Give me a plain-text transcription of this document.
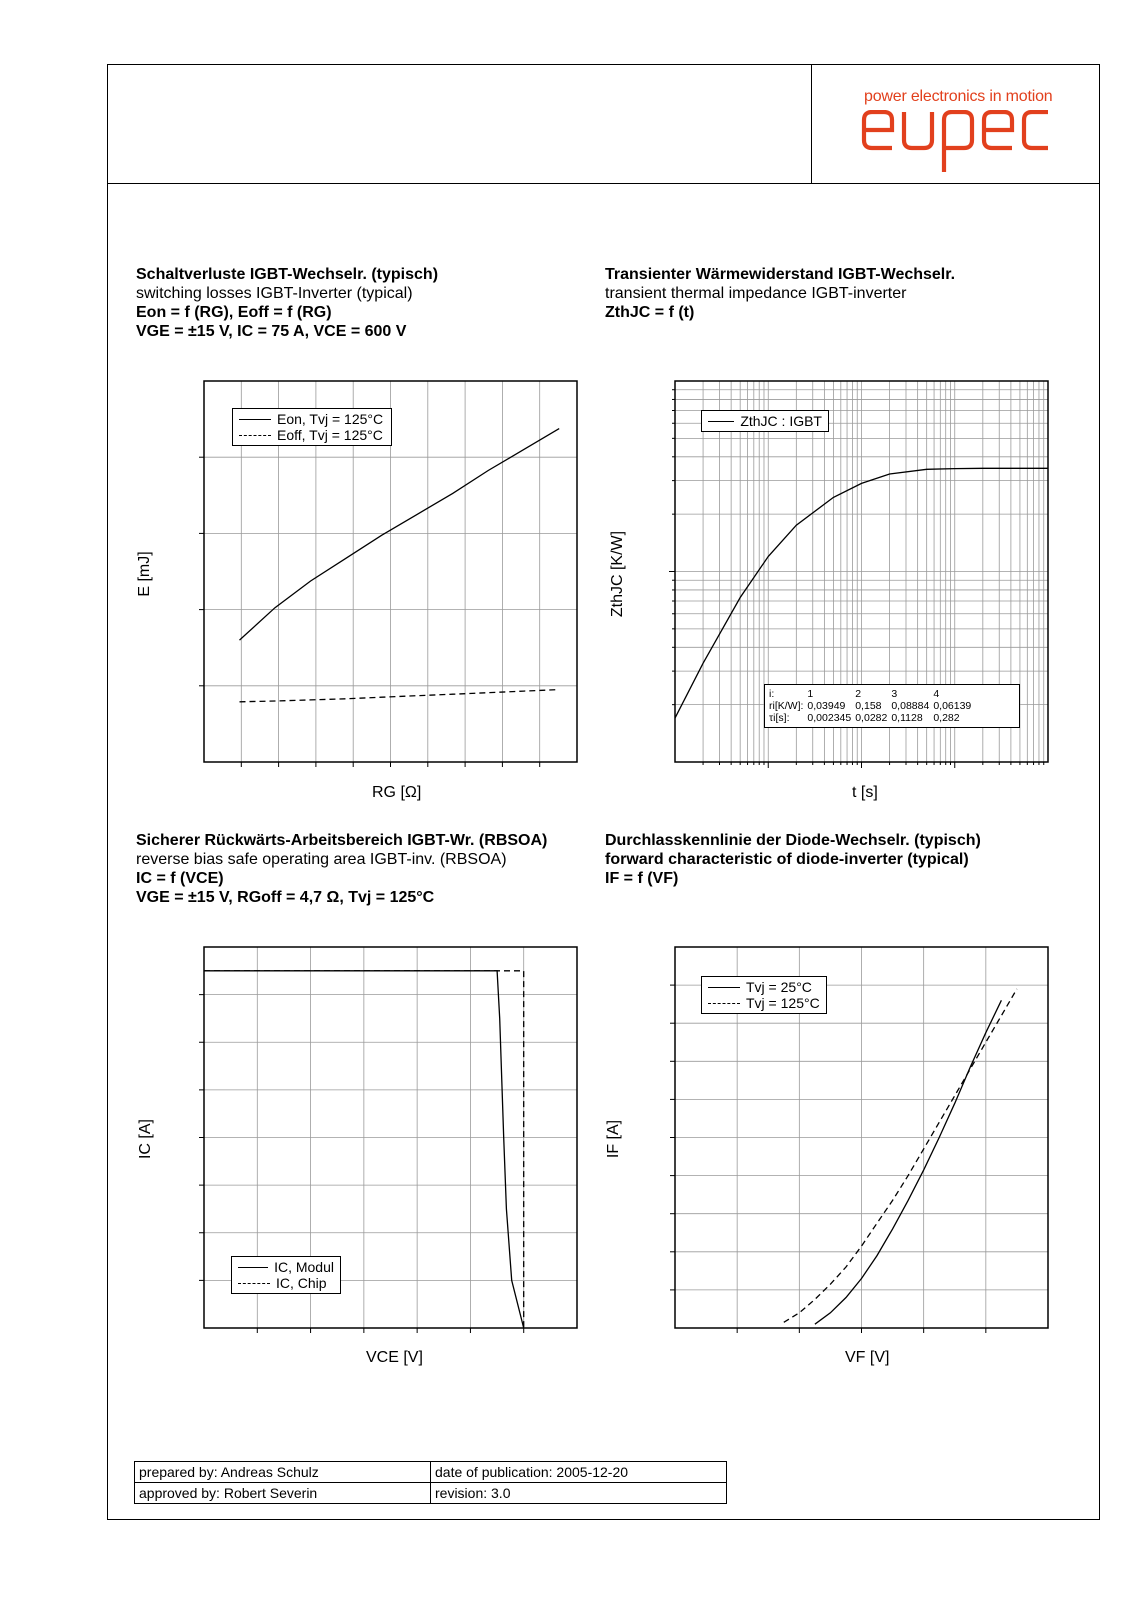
power electronics in motion
Schaltverluste IGBT-Wechselr. (typisch)
switching losses IGBT-Inverter (typical)
Eon = f (RG), Eoff = f (RG)
VGE = ±15 V, IC = 75 A, VCE = 600 V
Transienter Wärmewiderstand IGBT-Wechselr.
transient thermal impedance IGBT-inverter
ZthJC = f (t)
Sicherer Rückwärts-Arbeitsbereich IGBT-Wr. (RBSOA)
reverse bias safe operating area IGBT-inv. (RBSOA)
IC = f (VCE)
VGE = ±15 V, RGoff = 4,7 Ω, Tvj = 125°C
Durchlasskennlinie der Diode-Wechselr. (typisch)
forward characteristic of diode-inverter (typical)
IF = f (VF)
RG [Ω]
E [mJ]
t [s]
ZthJC [K/W]
VCE [V]
IC [A]
VF [V]
IF [A]
Eon, Tvj = 125°C
Eoff, Tvj = 125°C
ZthJC : IGBT
i:	1	2	3	4
ri[K/W]:	0,03949	0,158	0,08884	0,06139
τi[s]:	0,002345	0,0282	0,1128	0,282
IC, Modul
IC, Chip
Tvj = 25°C
Tvj = 125°C
prepared by: Andreas Schulz	date of publication: 2005-12-20
approved by: Robert Severin	revision: 3.0
